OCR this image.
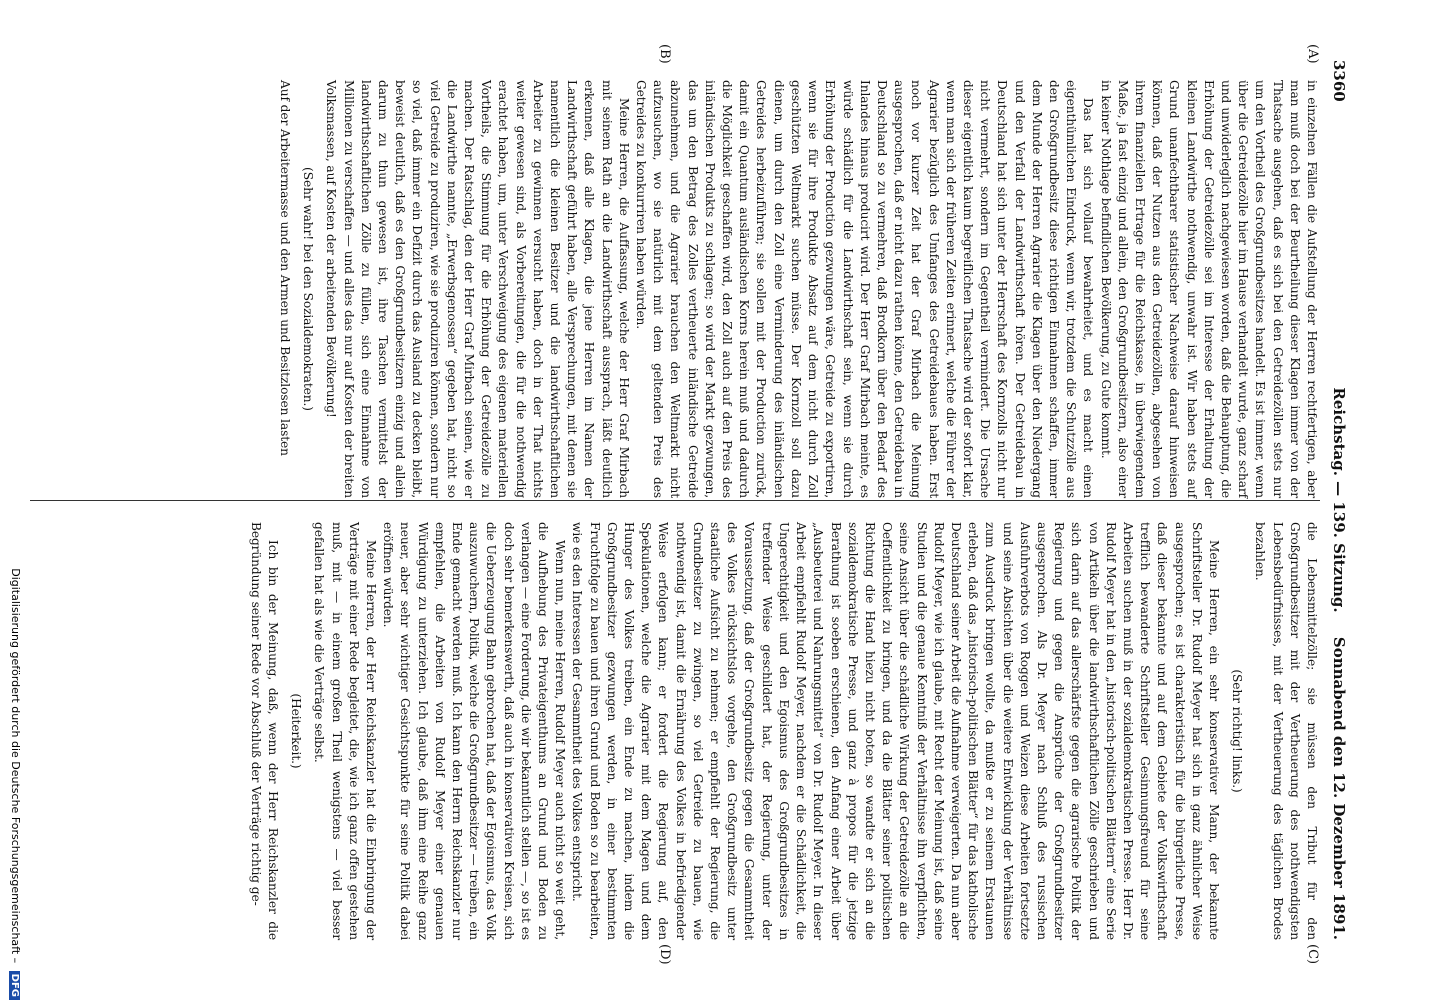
3360
Reichstag. — 139. Sitzung.
Sonnabend den 12. Dezember 1891.
(A)
(B)
(C)
(D)

in einzelnen Fällen die Aufstellung der Herren rechtfertigen, aber man muß doch bei der Beurtheilung dieser Klagen immer von der Thatsache ausgehen, daß es sich bei den Getreidezöllen stets nur um den Vortheil des Großgrundbesitzes handelt. Es ist immer, wenn über die Getreidezölle hier im Hause verhandelt wurde, ganz scharf und unwiderleglich nachgewiesen worden, daß die Behauptung, die Erhöhung der Getreidezölle sei im Interesse der Erhaltung der kleinen Landwirthe nothwendig, unwahr ist. Wir haben stets auf Grund unanfechtbarer statistischer Nachweise darauf hinweisen können, daß der Nutzen aus den Getreidezöllen, abgesehen von ihrem finanziellen Ertrage für die Reichskasse, in überwiegendem Maße, ja fast einzig und allein, den Großgrundbesitzern, also einer in keiner Nothlage befindlichen Bevölkerung, zu Gute kommt.

Das hat sich vollauf bewahrheitet, und es macht einen eigenthümlichen Eindruck, wenn wir, trotzdem die Schutzzölle aus den Großgrundbesitz diese richtigen Einnahmen schaffen, immer dem Munde der Herren Agrarier die Klagen über den Niedergang und den Verfall der Landwirthschaft hören. Der Getreidebau in Deutschland hat sich unter der Herrschaft des Kornzolls nicht nur nicht vermehrt, sondern im Gegentheil vermindert. Die Ursache dieser eigentlich kaum begreiflichen Thatsache wird der sofort klar, wenn man sich der früheren Zeiten erinnert, welche die Führer der Agrarier bezüglich des Umfanges des Getreidebaues haben. Erst noch vor kurzer Zeit hat der Graf Mirbach die Meinung ausgesprochen, daß er nicht dazu rathen könne, den Getreidebau in Deutschland so zu vermehren, daß Brodkorn über den Bedarf des Inlandes hinaus producirt wird. Der Herr Graf Mirbach meinte, es würde schädlich für die Landwirthschaft sein, wenn sie durch Erhöhung der Production gezwungen wäre, Getreide zu exportiren, wenn sie für ihre Produkte Absatz auf dem nicht durch Zoll geschützten Weltmarkt suchen müsse. Der Kornzoll soll dazu dienen, um durch den Zoll eine Verminderung des inländischen Getreides herbeizuführen; sie sollen mit der Production zurück, damit ein Quantum ausländischen Korns herein muß und dadurch die Möglichkeit geschaffen wird, den Zoll auch auf den Preis des inländischen Produkts zu schlagen; so wird der Markt gezwungen, das um den Betrag des Zolles vertheuerte inländische Getreide abzunehmen, und die Agrarier brauchen den Weltmarkt nicht aufzusuchen, wo sie natürlich mit dem geltenden Preis des Getreides zu konkurriren haben würden.

Meine Herren, die Auffassung, welche der Herr Graf Mirbach mit seinem Rath an die Landwirthschaft aussprach, läßt deutlich erkennen, daß alle Klagen, die jene Herren im Namen der Landwirthschaft geführt haben, alle Versprechungen, mit denen sie namentlich die kleinen Besitzer und die landwirthschaftlichen Arbeiter zu gewinnen versucht haben, doch in der That nichts weiter gewesen sind, als Vorbereitungen, die für die nothwendig erachtet haben, um, unter Verschweigung des eigenen materiellen Vortheils, die Stimmung für die Erhöhung der Getreidezölle zu machen. Der Ratschlag, den der Herr Graf Mirbach seinen, wie er die Landwirthe nannte, „Erwerbsgenossen“ gegeben hat, nicht so viel Getreide zu produziren, wie sie produziren können, sondern nur so viel, daß immer ein Defizit durch das Ausland zu decken bleibt, beweist deutlich, daß es den Großgrundbesitzern einzig und allein darum zu thun gewesen ist, ihre Taschen vermittelst der landwirthschaftlichen Zölle zu füllen, sich eine Einnahme von Millionen zu verschaffen — und alles das nur auf Kosten der breiten Volksmassen, auf Kosten der arbeitenden Bevölkerung!

(Sehr wahr! bei den Sozialdemokraten.)

Auf der Arbeitermasse und den Armen und Besitzlosen lasten

die Lebensmittelzölle; sie müssen den Tribut für den Großgrundbesitzer mit der Vertheuerung des nothwendigsten Lebensbedürfnisses, mit der Vertheuerung des täglichen Brodes bezahlen.

(Sehr richtig! links.)

Meine Herren, ein sehr konservativer Mann, der bekannte Schriftsteller Dr. Rudolf Meyer hat sich in ganz ähnlicher Weise ausgesprochen; es ist charakteristisch für die bürgerliche Presse, daß dieser bekannte und auf dem Gebiete der Volkswirthschaft trefflich bewanderte Schriftsteller Gesinnungsfreund für seine Arbeiten suchen muß in der sozialdemokratischen Presse. Herr Dr. Rudolf Meyer hat in den „historisch-politischen Blättern“ eine Serie von Artikeln über die landwirthschaftlichen Zölle geschrieben und sich darin auf das allerschärfste gegen die agrarische Politik der Regierung und gegen die Ansprüche der Großgrundbesitzer ausgesprochen. Als Dr. Meyer nach Schluß des russischen Ausfuhrverbots von Roggen und Weizen diese Arbeiten fortsetzte und seine Absichten über die weitere Entwicklung der Verhältnisse zum Ausdruck bringen wollte, da mußte er zu seinem Erstaunen erleben, daß das „historisch-politischen Blätter“ für das katholische Deutschland seiner Arbeit die Aufnahme verweigerten. Da nun aber Rudolf Meyer, wie ich glaube, mit Recht der Meinung ist, daß seine Studien und die genaue Kenntniß der Verhältnisse ihn verpflichten, seine Ansicht über die schädliche Wirkung der Getreidezölle an die Oeffentlichkeit zu bringen, und da die Blätter seiner politischen Richtung die Hand hiezu nicht boten, so wandte er sich an die sozialdemokratische Presse, und ganz à propos für die jetzige Berathung ist soeben erschienen, den Anfang einer Arbeit über „Ausbeuterei und Nahrungsmittel“ von Dr. Rudolf Meyer. In dieser Arbeit empfiehlt Rudolf Meyer, nachdem er die Schädlichkeit, die Ungerechtigkeit und den Egoismus des Großgrundbesitzes in treffender Weise geschildert hat, der Regierung, unter der Voraussetzung, daß der Großgrundbesitz gegen die Gesammtheit des Volkes rücksichtslos vorgehe, den Großgrundbesitz unter staatliche Aufsicht zu nehmen; er empfiehlt der Regierung, die Grundbesitzer zu zwingen, so viel Getreide zu bauen, wie nothwendig ist, damit die Ernährung des Volkes in befriedigender Weise erfolgen kann; er fordert die Regierung auf, den Spekulationen, welche die Agrarier mit dem Magen und dem Hunger des Volkes treiben, ein Ende zu machen, indem die Großgrundbesitzer gezwungen werden, in einer bestimmten Fruchtfolge zu bauen und ihren Grund und Boden so zu bearbeiten, wie es den Interessen der Gesammtheit des Volkes entspricht.

Wenn nun, meine Herren, Rudolf Meyer auch nicht so weit geht, die Aufhebung des Privateigenthums an Grund und Boden zu verlangen — eine Forderung, die wir bekanntlich stellen —, so ist es doch sehr bemerkenswerth, daß auch in konservativen Kreisen, sich die Ueberzeugung Bahn gebrochen hat, daß der Egoismus, das Volk auszuwuchern, Politik, welche die Großgrundbesitzer — treiben, ein Ende gemacht werden muß. Ich kann den Herrn Reichskanzler nur empfehlen, die Arbeiten von Rudolf Meyer einer genauen Würdigung zu unterziehen. Ich glaube, daß ihm eine Reihe ganz neuer, aber sehr wichtiger Gesichtspunkte für seine Politik dabei eröffnen würden.

Meine Herren, der Herr Reichskanzler hat die Einbringung der Verträge mit einer Rede begleitet, die, wie ich ganz offen gestehen muß, mit — in einem großen Theil wenigstens — viel besser gefallen hat als wie die Verträge selbst.

(Heiterkeit.)

Ich bin der Meinung, daß, wenn der Herr Reichskanzler die Begründung seiner Rede vor Abschluß der Verträge richtig ge-

Digitalisierung gefördert durch die Deutsche Forschungsgemeinschaft – DFG
